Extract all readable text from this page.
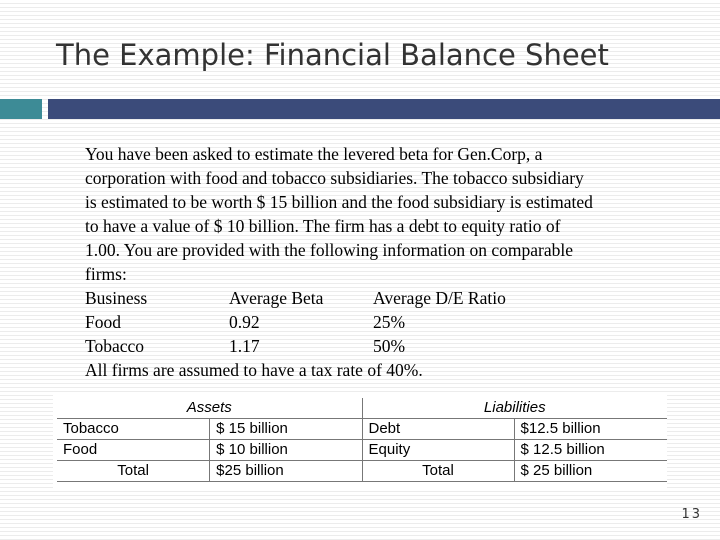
The Example: Financial Balance Sheet
You have been asked to estimate the levered beta for Gen.Corp, a
corporation with food and tobacco subsidiaries. The tobacco subsidiary
is estimated to be worth $ 15 billion and the food subsidiary is estimated
to have a value of $ 10 billion. The firm has a debt to equity ratio of
1.00. You are provided with the following information on comparable
firms:
Business	Average Beta	Average D/E Ratio
Food	0.92	25%
Tobacco	1.17	50%
All firms are assumed to have a tax rate of 40%.
Assets		Liabilities	
Tobacco	$ 15 billion	Debt	$12.5 billion
Food	$ 10 billion	Equity	$ 12.5 billion
Total	$25 billion	Total	$ 25 billion
13
